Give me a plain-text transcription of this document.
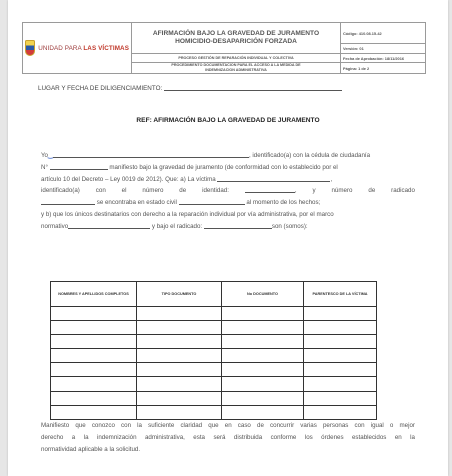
UNIDAD PARA LAS VÍCTIMAS	AFIRMACIÓN BAJO LA GRAVEDAD DE JURAMENTO
HOMICIDIO-DESAPARICIÓN FORZADA	Código: 410.08.15-42
		Versión: 01
	PROCESO GESTIÓN DE REPARACIÓN INDIVIDUAL Y COLECTIVA	Fecha de Aprobación: 18/11/2016

	PROCEDIMIENTO DOCUMENTACION PARA EL ACCESO A LA MEDIDA DE
INDEMNIZACION ADMINISTRATIVA	Página: 1 de 2
LUGAR Y FECHA DE DILIGENCIAMIENTO:
REF: AFIRMACIÓN BAJO LA GRAVEDAD DE JURAMENTO
Yo‿	, identificado(a) con la cédula de ciudadanía
N°	manifiesto bajo la gravedad de juramento (de conformidad con lo establecido por el
artículo 10 del Decreto – Ley 0019 de 2012). Que: a) La víctima	,
identificado(a)	con	el	número	de	identidad:	,	y	número	de	radicado
se encontraba en estado civil	al momento de los hechos;
y b) que los únicos destinatarios con derecho a la reparación individual por vía administrativa, por el marco
normativo	y bajo el radicado:	son (somos):
NOMBRES Y APELLIDOS COMPLETOS	TIPO DOCUMENTO	No DOCUMENTO	PARENTESCO DE LA VÍCTIMA

Manifiesto que conozco con la suficiente claridad que en caso de concurrir varias personas con igual o mejor
derecho a la indemnización administrativa, esta será distribuida conforme los órdenes establecidos en la
normatividad aplicable a la solicitud.
